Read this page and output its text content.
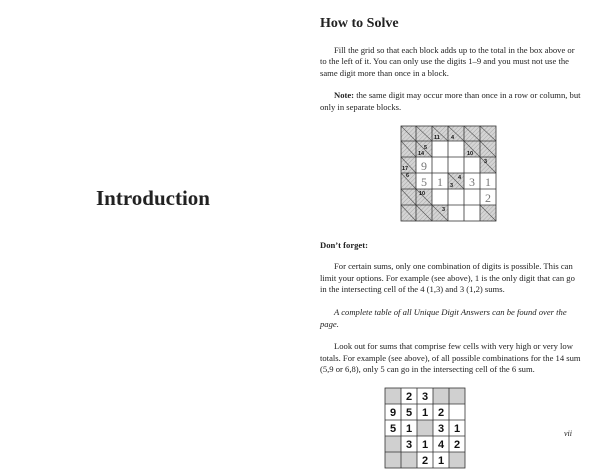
Introduction
How to Solve

Fill the grid so that each block adds up to the total in the box above or to the left of it. You can only use the digits 1–9 and you must not use the same digit more than once in a block.

Note: the same digit may occur more than once in a row or column, but only in separate blocks.

11 4
5
14	10
17
3
6	4
3
10
3
9
5 1 3 1
2
Don’t forget:

For certain sums, only one combination of digits is possible. This can limit your options. For example (see above), 1 is the only digit that can go in the intersecting cell of the 4 (1,3) and 3 (1,2) sums.

A complete table of all Unique Digit Answers can be found over the page.

Look out for sums that comprise few cells with very high or very low totals. For example (see above), of all possible combinations for the 14 sum (5,9 or 6,8), only 5 can go in the intersecting cell of the 6 sum.

2 3
9 5 1 2
5 1 3 1
3 1 4 2
2 1
vii
